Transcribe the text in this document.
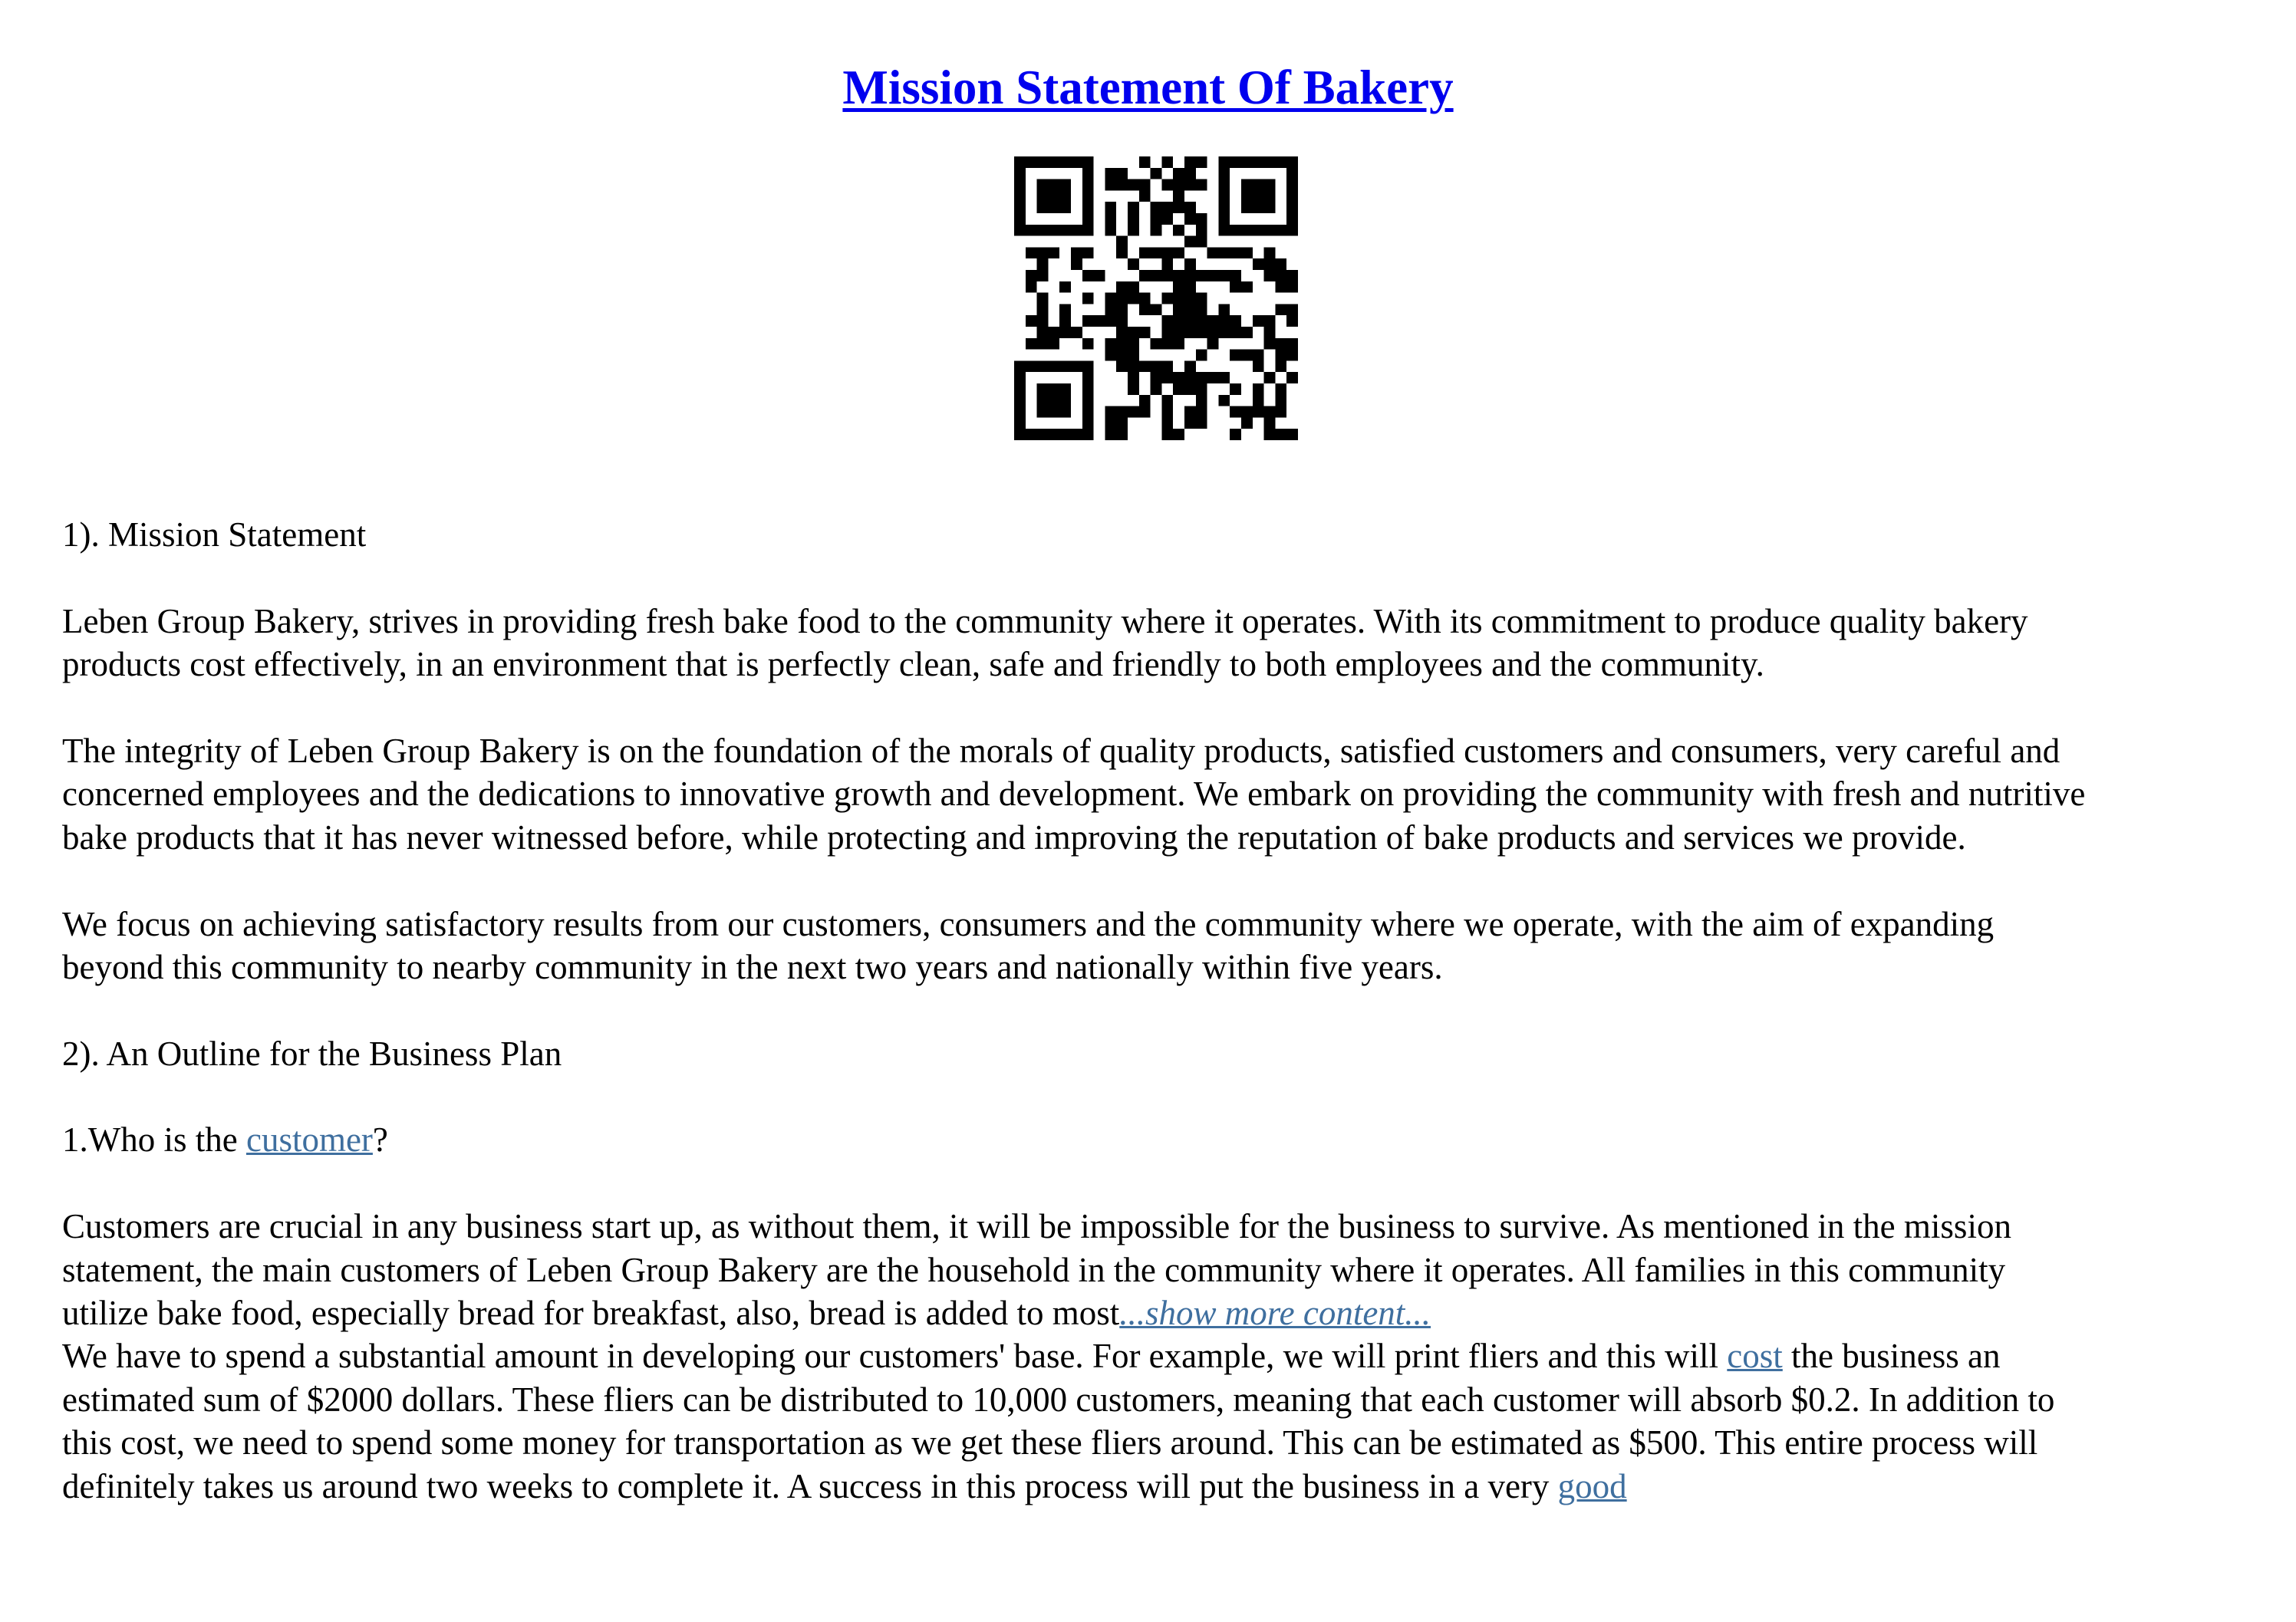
Mission Statement Of Bakery
1). Mission Statement
Leben Group Bakery, strives in providing fresh bake food to the community where it operates. With its commitment to produce quality bakery
products cost effectively, in an environment that is perfectly clean, safe and friendly to both employees and the community.
The integrity of Leben Group Bakery is on the foundation of the morals of quality products, satisfied customers and consumers, very careful and
concerned employees and the dedications to innovative growth and development. We embark on providing the community with fresh and nutritive
bake products that it has never witnessed before, while protecting and improving the reputation of bake products and services we provide.
We focus on achieving satisfactory results from our customers, consumers and the community where we operate, with the aim of expanding
beyond this community to nearby community in the next two years and nationally within five years.
2). An Outline for the Business Plan
1.Who is the customer?
Customers are crucial in any business start up, as without them, it will be impossible for the business to survive. As mentioned in the mission
statement, the main customers of Leben Group Bakery are the household in the community where it operates. All families in this community
utilize bake food, especially bread for breakfast, also, bread is added to most...show more content...
We have to spend a substantial amount in developing our customers' base. For example, we will print fliers and this will cost the business an
estimated sum of $2000 dollars. These fliers can be distributed to 10,000 customers, meaning that each customer will absorb $0.2. In addition to
this cost, we need to spend some money for transportation as we get these fliers around. This can be estimated as $500. This entire process will
definitely takes us around two weeks to complete it. A success in this process will put the business in a very good
